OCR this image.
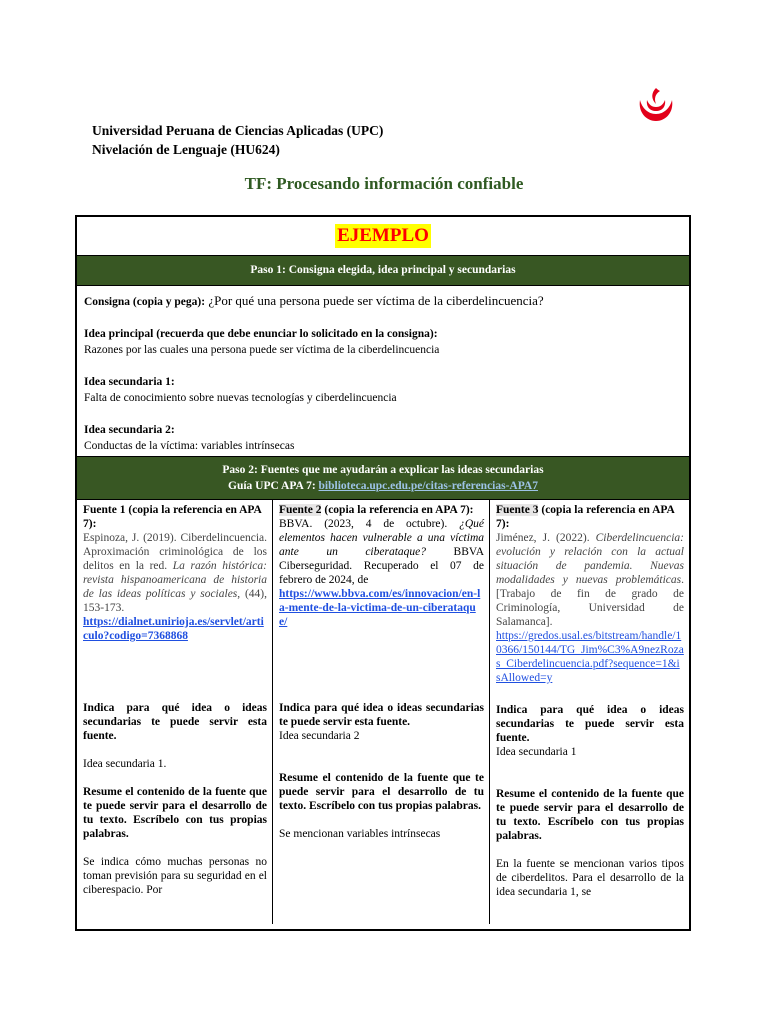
Universidad Peruana de Ciencias Aplicadas (UPC)
Nivelación de Lenguaje (HU624)
TF: Procesando información confiable
EJEMPLO
Paso 1: Consigna elegida, idea principal y secundarias
Consigna (copia y pega): ¿Por qué una persona puede ser víctima de la ciberdelincuencia?
Idea principal (recuerda que debe enunciar lo solicitado en la consigna):
Razones por las cuales una persona puede ser víctima de la ciberdelincuencia
Idea secundaria 1:
Falta de conocimiento sobre nuevas tecnologías y ciberdelincuencia
Idea secundaria 2:
Conductas de la víctima: variables intrínsecas
Paso 2: Fuentes que me ayudarán a explicar las ideas secundarias
Guía UPC APA 7: biblioteca.upc.edu.pe/citas-referencias-APA7

Fuente 1 (copia la referencia en APA 7):

Espinoza, J. (2019). Ciberdelincuencia. Aproximación criminológica de los delitos en la red. La razón histórica: revista hispanoamericana de historia de las ideas políticas y sociales, (44), 153-173.

https://dialnet.unirioja.es/servlet/articulo?codigo=7368868

Indica para qué idea o ideas secundarias te puede servir esta fuente.

Idea secundaria 1.

Resume el contenido de la fuente que te puede servir para el desarrollo de tu texto. Escríbelo con tus propias palabras.

Se indica cómo muchas personas no toman previsión para su seguridad en el ciberespacio. Por

Fuente 2 (copia la referencia en APA 7):

BBVA. (2023, 4 de octubre). ¿Qué elementos hacen vulnerable a una víctima ante un ciberataque? BBVA Ciberseguridad. Recuperado el 07 de febrero de 2024, de

https://www.bbva.com/es/innovacion/en-la-mente-de-la-victima-de-un-ciberataque/

Indica para qué idea o ideas secundarias te puede servir esta fuente.

Idea secundaria 2

Resume el contenido de la fuente que te puede servir para el desarrollo de tu texto. Escríbelo con tus propias palabras.

Se mencionan variables intrínsecas

Fuente 3 (copia la referencia en APA 7):

Jiménez, J. (2022). Ciberdelincuencia: evolución y relación con la actual situación de pandemia. Nuevas modalidades y nuevas problemáticas. [Trabajo de fin de grado de Criminología, Universidad de Salamanca].

https://gredos.usal.es/bitstream/handle/10366/150144/TG_Jim%C3%A9nezRozas_Ciberdelincuencia.pdf?sequence=1&isAllowed=y

Indica para qué idea o ideas secundarias te puede servir esta fuente.

Idea secundaria 1

Resume el contenido de la fuente que te puede servir para el desarrollo de tu texto. Escríbelo con tus propias palabras.

En la fuente se mencionan varios tipos de ciberdelitos. Para el desarrollo de la idea secundaria 1, se
